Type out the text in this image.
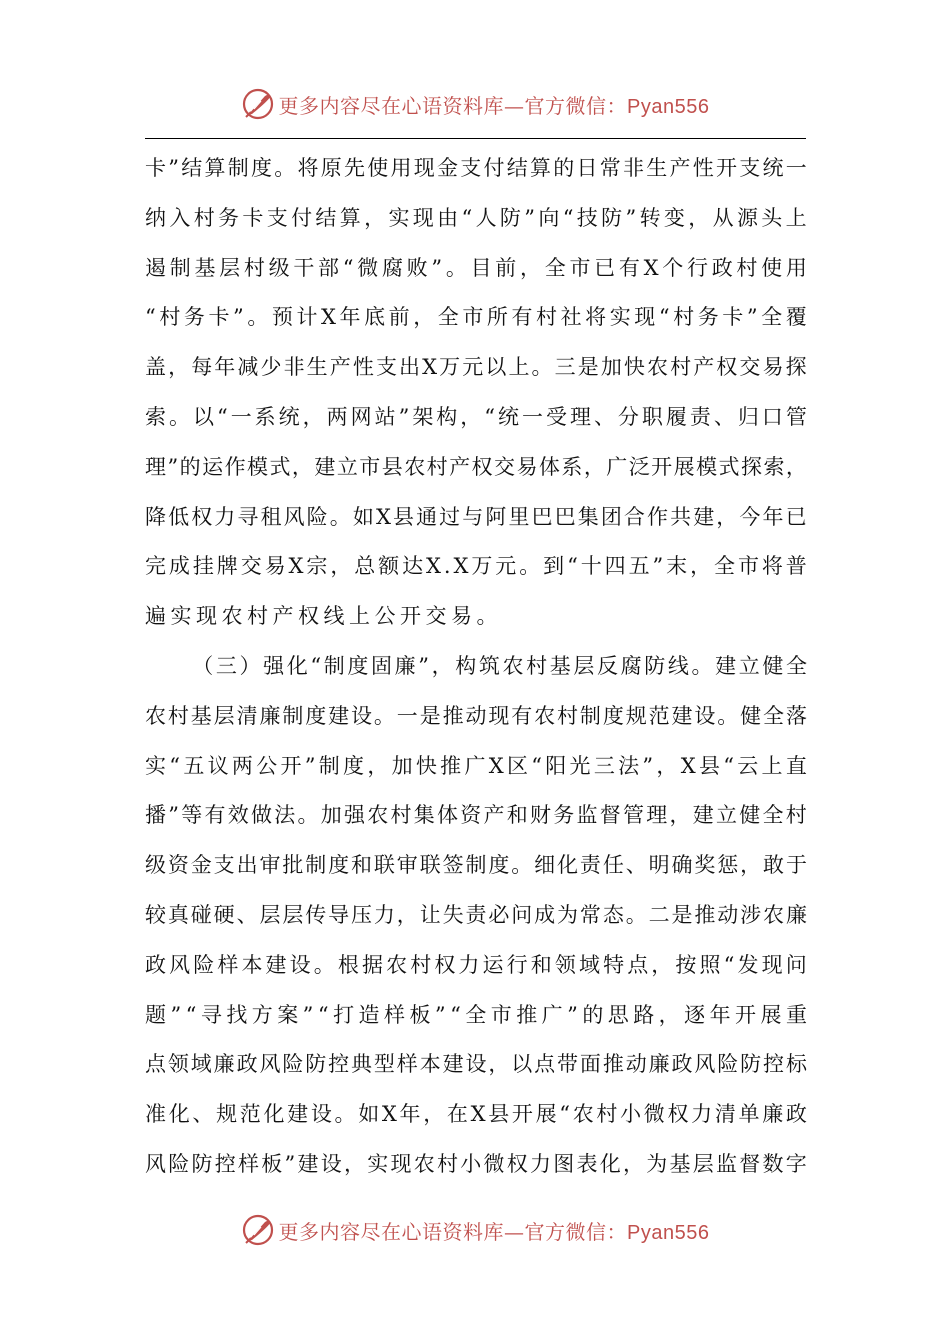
更多内容尽在心语资料库—官方微信：Pyan556
卡 ” 结 算 制 度 。 将 原 先 使 用 现 金 支 付 结 算 的 日 常 非 生 产 性 开 支 统 一
纳 入 村 务 卡 支 付 结 算 ， 实 现 由 “ 人 防 ” 向 “ 技 防 ” 转 变 ， 从 源 头 上
遏 制 基 层 村 级 干 部 “ 微 腐 败 ” 。 目 前 ， 全 市 已 有 X 个 行 政 村 使 用
“ 村 务 卡 ” 。 预 计 X 年 底 前 ， 全 市 所 有 村 社 将 实 现 “ 村 务 卡 ” 全 覆
盖 ， 每 年 减 少 非 生 产 性 支 出 X 万 元 以 上 。 三 是 加 快 农 村 产 权 交 易 探
索 。 以 “ 一 系 统 ， 两 网 站 ” 架 构 ， “ 统 一 受 理 、 分 职 履 责 、 归 口 管
理 ” 的 运 作 模 式 ， 建 立 市 县 农 村 产 权 交 易 体 系 ， 广 泛 开 展 模 式 探 索 ，
降 低 权 力 寻 租 风 险 。 如 X 县 通 过 与 阿 里 巴 巴 集 团 合 作 共 建 ， 今 年 已
完 成 挂 牌 交 易 X 宗 ， 总 额 达 X . X 万 元 。 到 “ 十 四 五 ” 末 ， 全 市 将 普
遍实现农村产权线上公开交易。

（ 三 ） 强 化 “ 制 度 固 廉 ” ， 构 筑 农 村 基 层 反 腐 防 线 。 建 立 健 全
农 村 基 层 清 廉 制 度 建 设 。 一 是 推 动 现 有 农 村 制 度 规 范 建 设 。 健 全 落
实 “ 五 议 两 公 开 ” 制 度 ， 加 快 推 广 X 区 “ 阳 光 三 法 ” ， X 县 “ 云 上 直
播 ” 等 有 效 做 法 。 加 强 农 村 集 体 资 产 和 财 务 监 督 管 理 ， 建 立 健 全 村
级 资 金 支 出 审 批 制 度 和 联 审 联 签 制 度 。 细 化 责 任 、 明 确 奖 惩 ， 敢 于
较 真 碰 硬 、 层 层 传 导 压 力 ， 让 失 责 必 问 成 为 常 态 。 二 是 推 动 涉 农 廉
政 风 险 样 本 建 设 。 根 据 农 村 权 力 运 行 和 领 域 特 点 ， 按 照 “ 发 现 问
题 ” “ 寻 找 方 案 ” “ 打 造 样 板 ” “ 全 市 推 广 ” 的 思 路 ， 逐 年 开 展 重
点 领 域 廉 政 风 险 防 控 典 型 样 本 建 设 ， 以 点 带 面 推 动 廉 政 风 险 防 控 标
准 化 、 规 范 化 建 设 。 如 X 年 ， 在 X 县 开 展 “ 农 村 小 微 权 力 清 单 廉 政
风 险 防 控 样 板 ” 建 设 ， 实 现 农 村 小 微 权 力 图 表 化 ， 为 基 层 监 督 数 字
更多内容尽在心语资料库—官方微信：Pyan556
